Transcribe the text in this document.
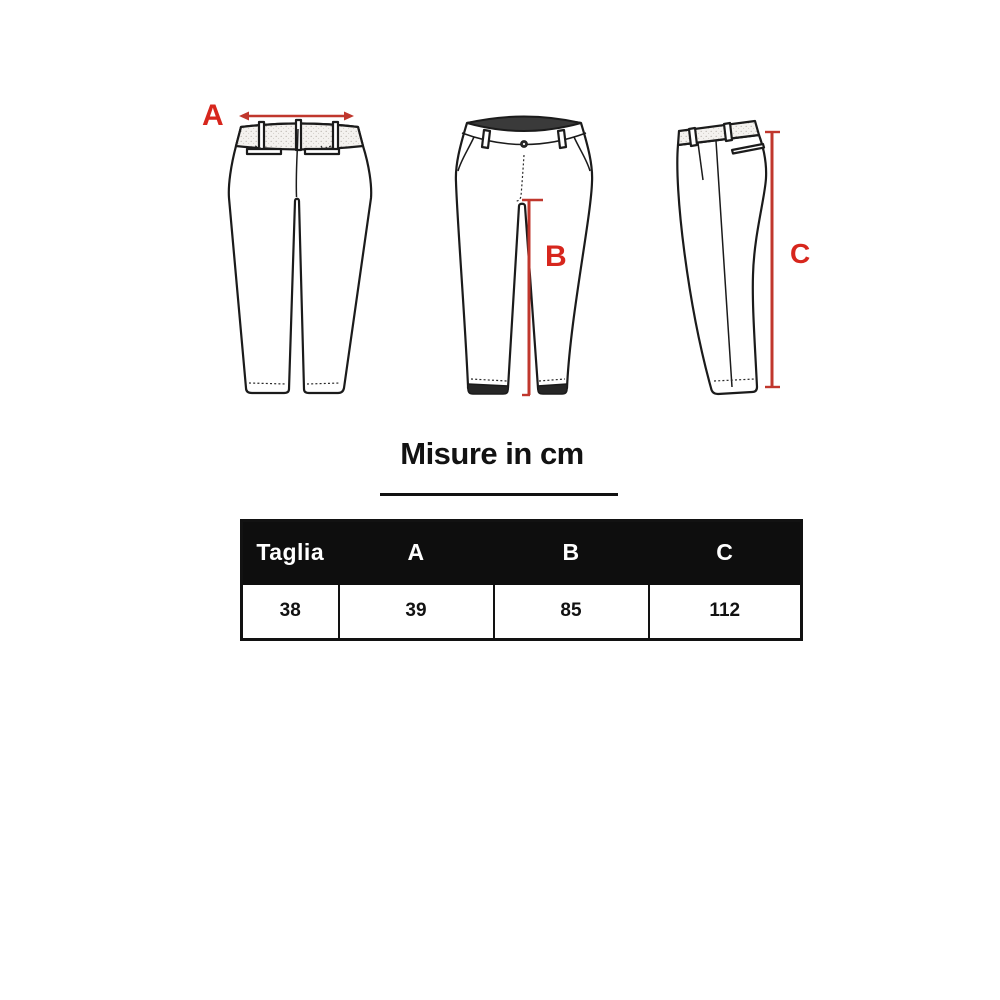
A
B	C
Misure in cm
Taglia	A	B	C
38	39	85	112
